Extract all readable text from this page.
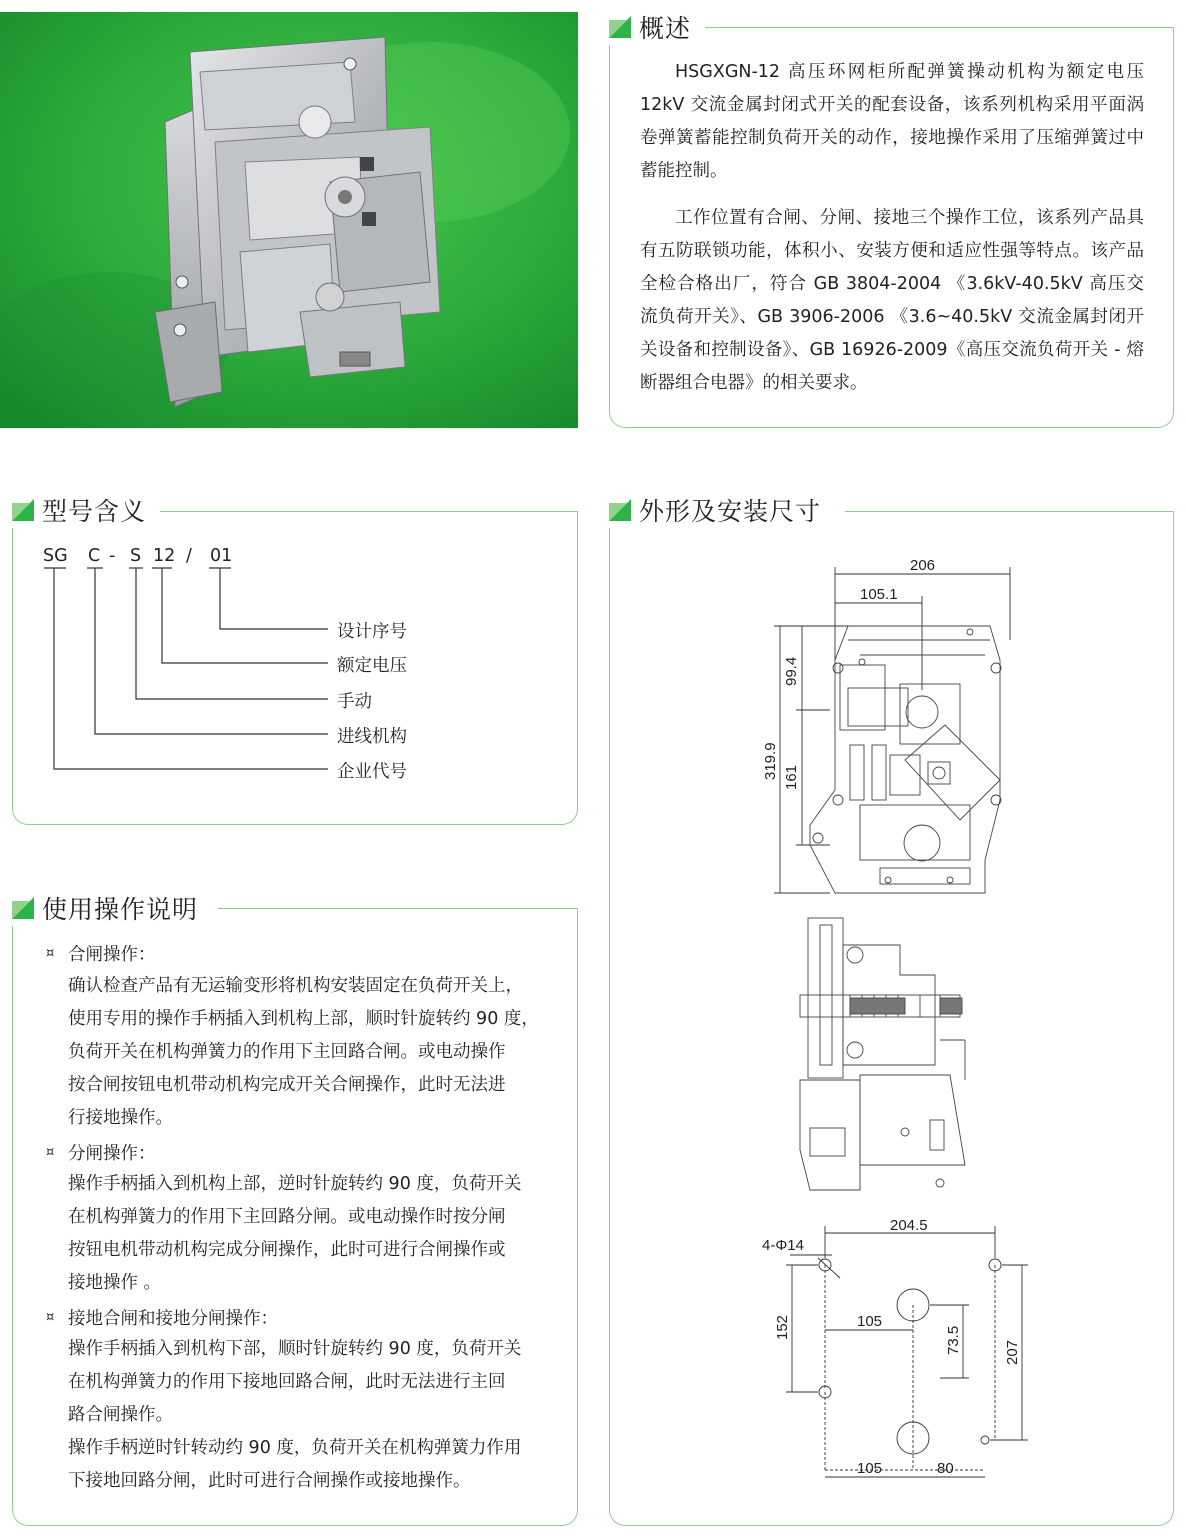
概述

HSGXGN-12 高压环网柜所配弹簧操动机构为额定电压12kV 交流金属封闭式开关的配套设备，该系列机构采用平面涡卷弹簧蓄能控制负荷开关的动作，接地操作采用了压缩弹簧过中蓄能控制。

工作位置有合闸、分闸、接地三个操作工位，该系列产品具有五防联锁功能，体积小、安装方便和适应性强等特点。该产品全检合格出厂，符合 GB 3804-2004 《3.6kV-40.5kV 高压交流负荷开关》、GB 3906-2006 《3.6~40.5kV 交流金属封闭开关设备和控制设备》、GB 16926-2009《高压交流负荷开关 - 熔断器组合电器》的相关要求。

型号含义
SG C - S 12 / 01
设计序号
额定电压
手动
进线机构
企业代号
使用操作说明
¤ 合闸操作：
确认检查产品有无运输变形将机构安装固定在负荷开关上，
使用专用的操作手柄插入到机构上部，顺时针旋转约 90 度，
负荷开关在机构弹簧力的作用下主回路合闸。或电动操作
按合闸按钮电机带动机构完成开关合闸操作，此时无法进
行接地操作。
¤ 分闸操作：
操作手柄插入到机构上部，逆时针旋转约 90 度，负荷开关
在机构弹簧力的作用下主回路分闸。或电动操作时按分闸
按钮电机带动机构完成分闸操作，此时可进行合闸操作或
接地操作 。
¤ 接地合闸和接地分闸操作：
操作手柄插入到机构下部，顺时针旋转约 90 度，负荷开关
在机构弹簧力的作用下接地回路合闸，此时无法进行主回
路合闸操作。
操作手柄逆时针转动约 90 度，负荷开关在机构弹簧力作用
下接地回路分闸，此时可进行合闸操作或接地操作。
外形及安装尺寸
206
105.1
319.9
99.4
161
204.5
4-Φ14
152
207
105
73.5
105	80
